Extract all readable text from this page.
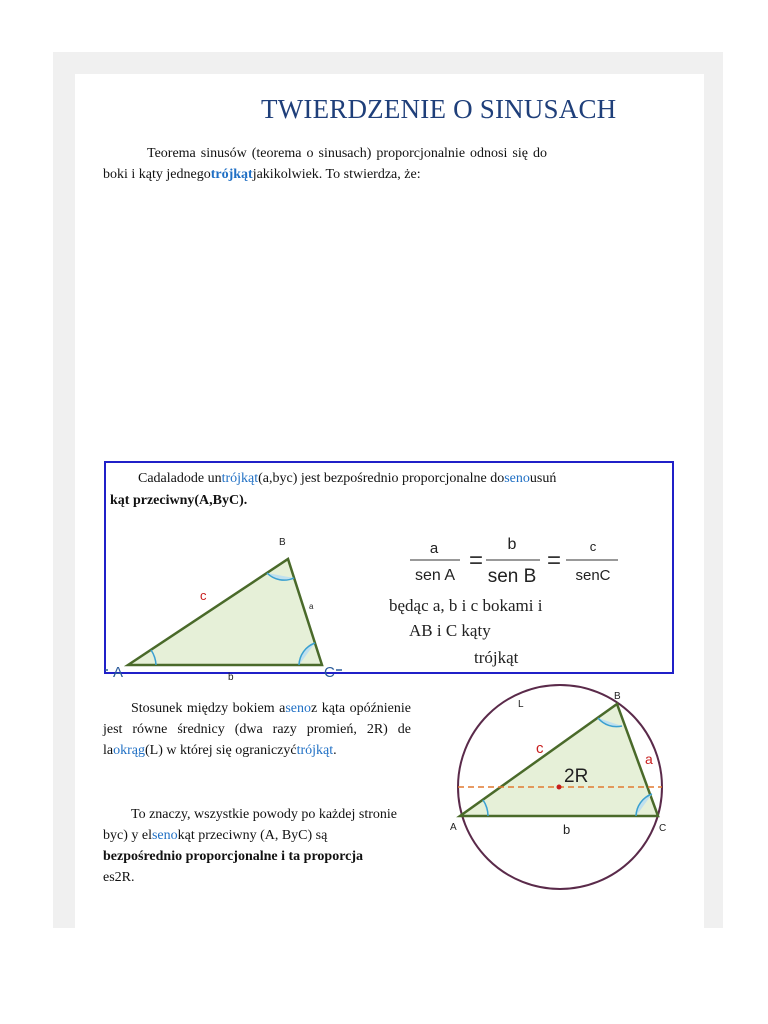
TWIERDZENIE O SINUSACH
Teorema sinusów (teorema o sinusach) proporcjonalnie odnosi się do boki i kąty jednegotrójkątjakikolwiek. To stwierdza, że:
Cadaladode untrójkąt(a,byc) jest bezpośrednio proporcjonalne dosenousuń
kąt przeciwny(A,ByC).
B
c
a
A	b	C
a
sen A
=
b
sen B
=
c
senC
będąc a, b i c bokami i
AB i C kąty
trójkąt
Stosunek między bokiem asenoz kąta opóźnienie jest równe średnicy (dwa razy promień, 2R) de laokrąg(L) w której się ograniczyćtrójkąt.
To znaczy, wszystkie powody po każdej stronie byc) y elsenokąt przeciwny (A, ByC) są
bezpośrednio proporcjonalne i ta proporcja
es2R.
B
L
c
a
2R
A	b	C
